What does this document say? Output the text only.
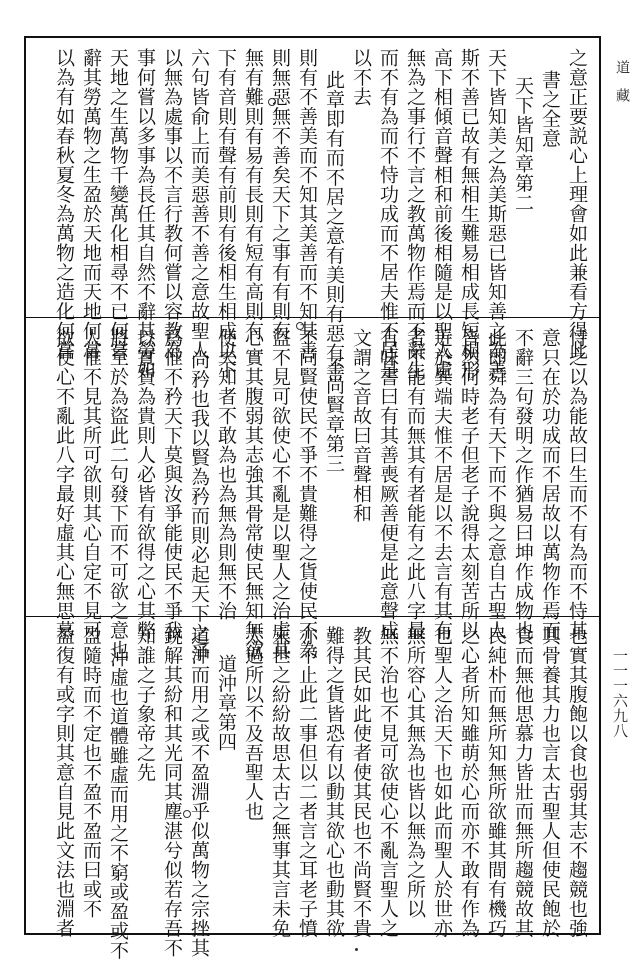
道藏
一一一六九八
之意正要説心上理會如此兼看方得此
書之全意
天下皆知章第二
天下皆知美之為美斯惡已皆知善之為善
斯不善已故有無相生難易相成長短相形
高下相傾音聲相和前後相隨是以聖人處
無為之事行不言之教萬物作焉而不辭生
而不有為而不恃功成而不居夫惟不居是
以不去
此章即有而不居之意有美則有惡有善
則有不善美而不知其美善而不知其善
則無惡無不善矣天下之事有有則有
無有難則有易有長則有短有高則有
下有音則有聲有前則有後相生相成以下
六句皆俞上而美惡善不善之意故聖人
以無為處事以不言行教何嘗以容教為
事何嘗以多事為長任其自然不辭其勞如
天地之生萬物千變萬化相尋不已何嘗
辭其勞萬物之生盈於天地而天地何嘗
以為有如春秋夏冬為萬物之造化何嘗
恃之以為能故曰生而不有為而不恃其
意只在於功成而不居故以萬物作焉而
不辭三句發明之作猶易曰坤作成物也
此即舜為有天下而不與之意自古聖人
皆然何時老子但老子說得太刻苦所以
近於異端夫惟不居是以不去言有其有
者不能有而無其有者能有之此八字最
有味書曰有其善喪厥善便是此意聲成
文謂之音故曰音聲相和
不尚賢章第三
不尚賢使民不爭不貴難得之貨使民不為
盜不見可欲使心不亂是以聖人之治虛其
心實其腹弱其志強其骨常使民無知無欲
使夫知者不敢為也為無為則無不治
尚矜也我以賢為矜而則必起天下之爭
爲惟不矜天下莫與汝爭能使民不爭我
以實貨為貴則人必皆有欲得之心其弊
將至於為盜此二句發下而不可欲之意也
人惟不見其所可欲則其心自定不見可
欲使心不亂此八字最好虛其心無思慕
也實其腹飽以食也弱其志不趨競也強
其骨養其力也言太古聖人但使民飽於
食而無他思慕力皆壯而無所趨競故其
民純朴而無所知無所欲雖其間有機巧
之心者所知雖萌於心而亦不敢有作為
也聖人之治天下也如此而聖人於世亦
無所容心其無為也皆以無為之所以
無不治也不見可欲使心不亂言聖人之
教其民如此使者使其民也不尚賢不貴
難得之貨皆恐有以動其欲心也動其欲
亦不止此二事但以二者言之耳老子憤
末世之紛紛故思太古之無事其言未免
太過所以不及吾聖人也
道沖章第四
道沖而用之或不盈淵乎似萬物之宗挫其
銳解其紛和其光同其塵湛兮似若存吾不
知誰之子象帝之先
沖虛也道體雖虛而用之不窮或盈或不
盈隨時而不定也不盈不盈而曰或不
盈復有或字則其意自見此文法也淵者
